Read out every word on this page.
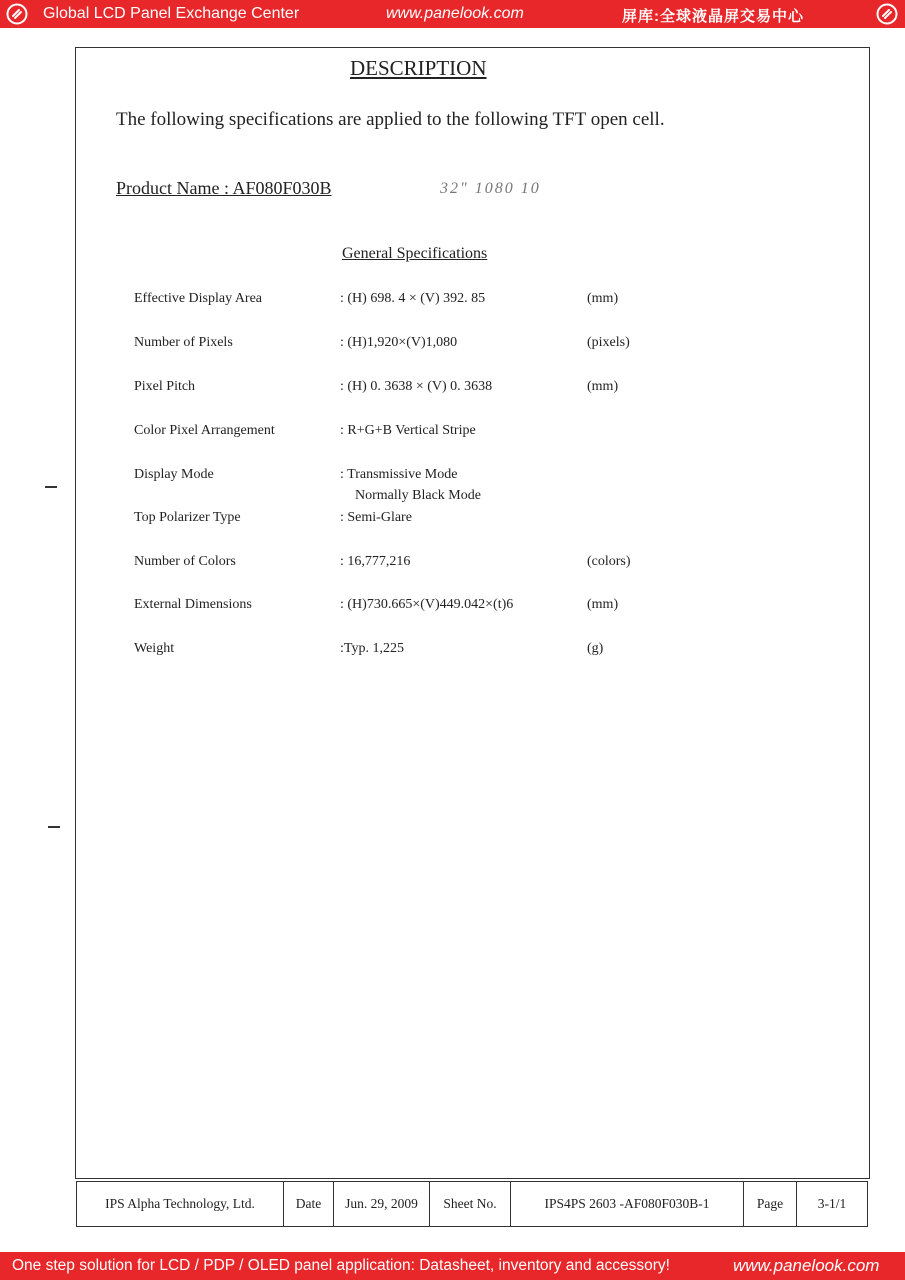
Global LCD Panel Exchange Center	www.panelook.com	屏库:全球液晶屏交易中心
DESCRIPTION
The following specifications are applied to the following TFT open cell.
Product Name : AF080F030B	32" 1080 10
General Specifications
Effective Display Area	: (H) 698. 4 × (V) 392. 85	(mm)
Number of Pixels	: (H)1,920×(V)1,080	(pixels)
Pixel Pitch	: (H) 0. 3638 × (V) 0. 3638	(mm)
Color Pixel Arrangement	: R+G+B Vertical Stripe
Display Mode	: Transmissive Mode
Normally Black Mode
Top Polarizer Type	: Semi-Glare
Number of Colors	: 16,777,216	(colors)
External Dimensions	: (H)730.665×(V)449.042×(t)6	(mm)
Weight	:Typ. 1,225	(g)
IPS Alpha Technology, Ltd.	Date	Jun. 29, 2009	Sheet No.	IPS4PS 2603 -AF080F030B-1	Page	3-1/1
One step solution for LCD / PDP / OLED panel application: Datasheet, inventory and accessory!	www.panelook.com
